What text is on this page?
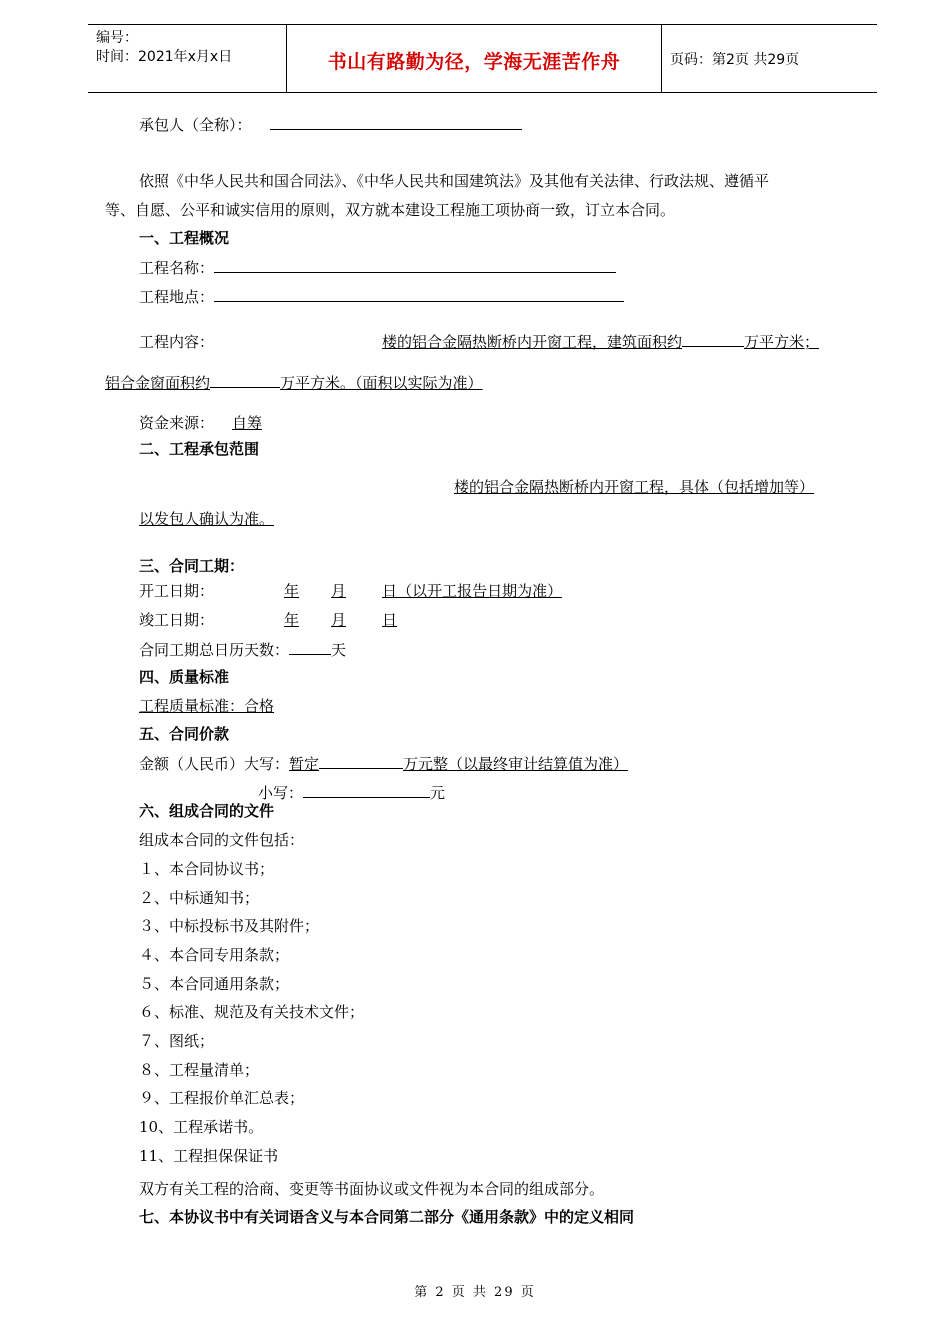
编号：
时间：2021年x月x日	书山有路勤为径，学海无涯苦作舟	页码：第2页 共29页
承包人（全称）：
依照《中华人民共和国合同法》、《中华人民共和国建筑法》及其他有关法律、行政法规、遵循平
等、自愿、公平和诚实信用的原则，双方就本建设工程施工项协商一致，订立本合同。
一、工程概况
工程名称：
工程地点：
工程内容：	楼的铝合金隔热断桥内开窗工程，建筑面积约	万平方米；
铝合金窗面积约	万平方米。（面积以实际为准）
资金来源： 自筹
二、工程承包范围
楼的铝合金隔热断桥内开窗工程，具体（包括增加等）
以发包人确认为准。
三、合同工期：
开工日期：	年 月 日（以开工报告日期为准）
竣工日期：	年 月 日
合同工期总日历天数：	天
四、质量标准
工程质量标准：合格
五、合同价款
金额（人民币）大写：暂定	万元整（以最终审计结算值为准）
小写：	元
六、组成合同的文件
组成本合同的文件包括：
１、本合同协议书；
２、中标通知书；
３、中标投标书及其附件；
４、本合同专用条款；
５、本合同通用条款；
６、标准、规范及有关技术文件；
７、图纸；
８、工程量清单；
９、工程报价单汇总表；
10、工程承诺书。
11、工程担保保证书
双方有关工程的洽商、变更等书面协议或文件视为本合同的组成部分。
七、本协议书中有关词语含义与本合同第二部分《通用条款》中的定义相同
第 2 页 共 29 页
